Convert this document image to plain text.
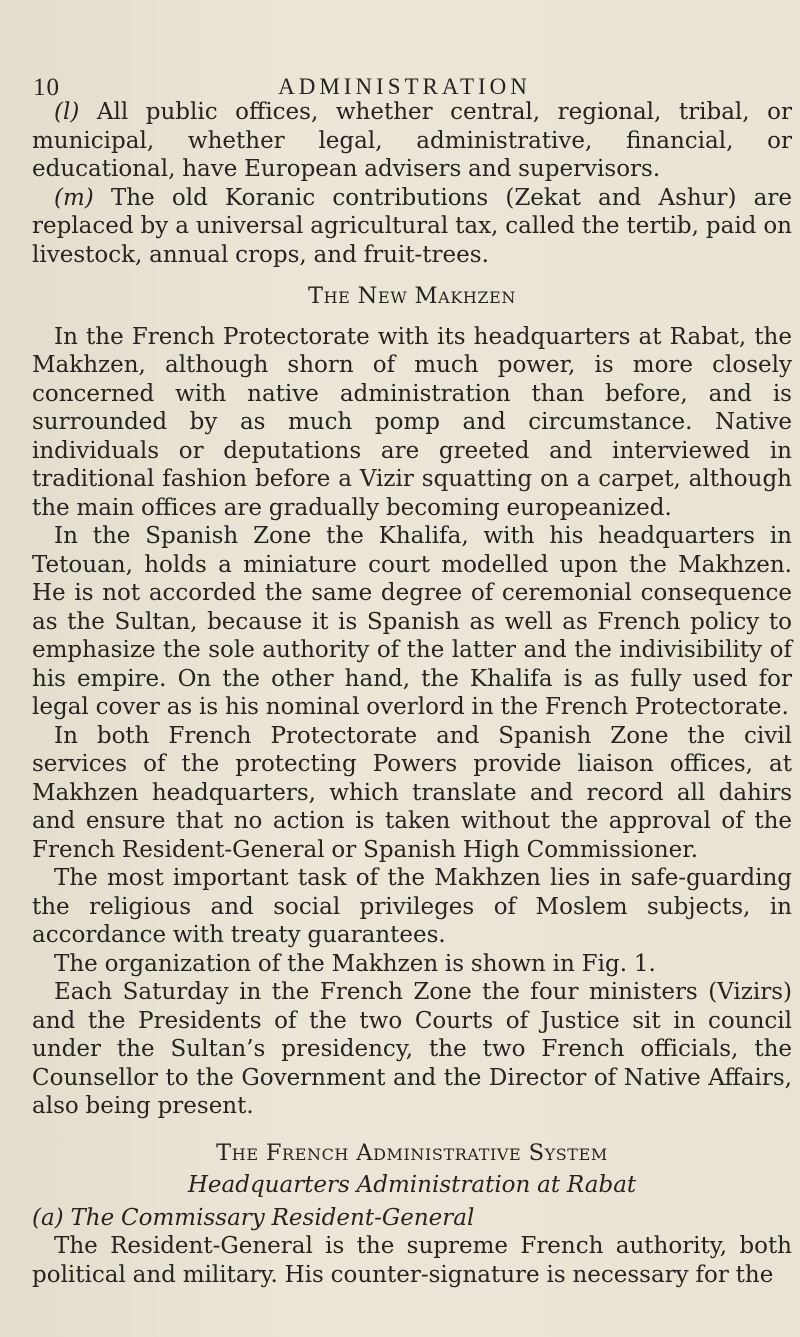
10	ADMINISTRATION

(l) All public offices, whether central, regional, tribal, or municipal, whether legal, administrative, financial, or educational, have European advisers and supervisors.

(m) The old Koranic contributions (Zekat and Ashur) are replaced by a universal agricultural tax, called the tertib, paid on livestock, annual crops, and fruit-trees.

The New Makhzen

In the French Protectorate with its headquarters at Rabat, the Makhzen, although shorn of much power, is more closely concerned with native administration than before, and is surrounded by as much pomp and circumstance. Native individuals or deputations are greeted and interviewed in traditional fashion before a Vizir squatting on a carpet, although the main offices are gradually becoming europeanized.

In the Spanish Zone the Khalifa, with his headquarters in Tetouan, holds a miniature court modelled upon the Makhzen. He is not accorded the same degree of ceremonial consequence as the Sultan, because it is Spanish as well as French policy to emphasize the sole authority of the latter and the indivisibility of his empire. On the other hand, the Khalifa is as fully used for legal cover as is his nominal overlord in the French Protectorate.

In both French Protectorate and Spanish Zone the civil services of the protecting Powers provide liaison offices, at Makhzen headquarters, which translate and record all dahirs and ensure that no action is taken without the approval of the French Resident-General or Spanish High Commissioner.

The most important task of the Makhzen lies in safe-guarding the religious and social privileges of Moslem subjects, in accordance with treaty guarantees.

The organization of the Makhzen is shown in Fig. 1.

Each Saturday in the French Zone the four ministers (Vizirs) and the Presidents of the two Courts of Justice sit in council under the Sultan’s presidency, the two French officials, the Counsellor to the Government and the Director of Native Affairs, also being present.

The French Administrative System
Headquarters Administration at Rabat

(a) The Commissary Resident-General

The Resident-General is the supreme French authority, both political and military. His counter-signature is necessary for the
